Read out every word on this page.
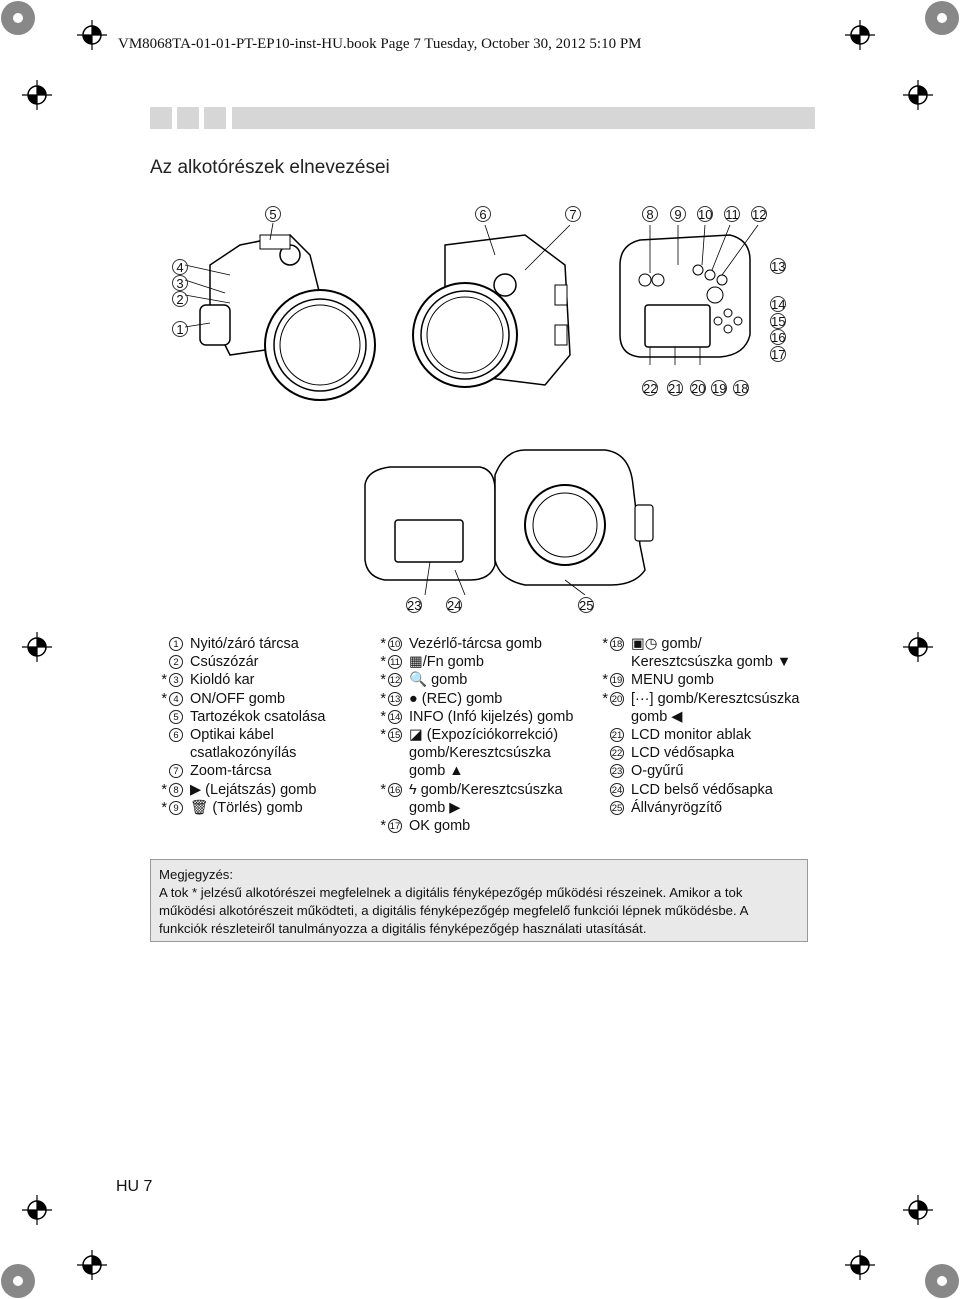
VM8068TA-01-01-PT-EP10-inst-HU.book Page 7 Tuesday, October 30, 2012 5:10 PM
Az alkotórészek elnevezései
5
4
3
2
1
6	7	8	9	10 11 12
13
14
15
16
17
22 21 20 19 18
23 24	25
1 Nyitó/záró tárcsa
2 Csúszózár
* 3 Kioldó kar
* 4 ON/OFF gomb
5 Tartozékok csatolása
6 Optikai kábel
csatlakozónyílás
7 Zoom-tárcsa
* 8 ▶ (Lejátszás) gomb
* 9 🗑 (Törlés) gomb
* 10 Vezérlő-tárcsa gomb
* 11 ▦/Fn gomb
* 12 🔍 gomb
* 13 ● (REC) gomb
* 14 INFO (Infó kijelzés) gomb
* 15 ◪ (Expozíciókorrekció)
gomb/Keresztcsúszka
gomb ▲
* 16 ϟ gomb/Keresztcsúszka
gomb ▶
* 17 OK gomb
* 18 ▣◷ gomb/
Keresztcsúszka gomb ▼
* 19 MENU gomb
* 20 [···] gomb/Keresztcsúszka
gomb ◀
21 LCD monitor ablak
22 LCD védősapka
23 O-gyűrű
24 LCD belső védősapka
25 Állványrögzítő

Megjegyzés:

A tok * jelzésű alkotórészei megfelelnek a digitális fényképezőgép működési részeinek. Amikor a tok működési alkotórészeit működteti, a digitális fényképezőgép megfelelő funkciói lépnek működésbe. A funkciók részleteiről tanulmányozza a digitális fényképezőgép használati utasítását.

HU 7
